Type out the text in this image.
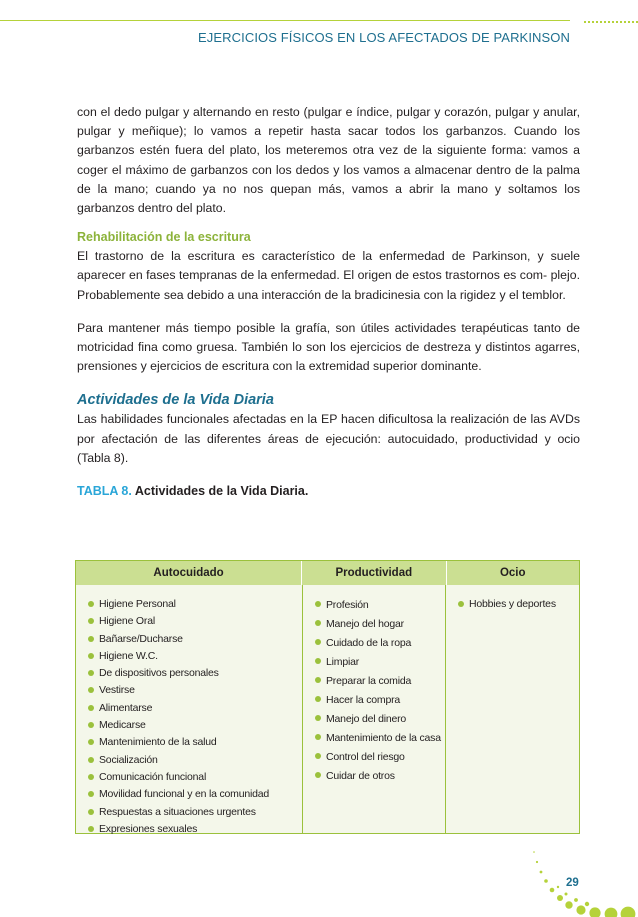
EJERCICIOS FÍSICOS EN LOS AFECTADOS DE PARKINSON

con el dedo pulgar y alternando en resto (pulgar e índice, pulgar y corazón, pulgar y anular, pulgar y meñique); lo vamos a repetir hasta sacar todos los garbanzos. Cuando los garbanzos estén fuera del plato, los meteremos otra vez de la siguiente forma: vamos a coger el máximo de garbanzos con los dedos y los vamos a almacenar dentro de la palma de la mano; cuando ya no nos quepan más, vamos a abrir la mano y soltamos los garbanzos dentro del plato.

Rehabilitación de la escritura

El trastorno de la escritura es característico de la enfermedad de Parkinson, y suele aparecer en fases tempranas de la enfermedad. El origen de estos trastornos es com- plejo. Probablemente sea debido a una interacción de la bradicinesia con la rigidez y el temblor.

Para mantener más tiempo posible la grafía, son útiles actividades terapéuticas tanto de motricidad fina como gruesa. También lo son los ejercicios de destreza y distintos agarres, prensiones y ejercicios de escritura con la extremidad superior dominante.

Actividades de la Vida Diaria

Las habilidades funcionales afectadas en la EP hacen dificultosa la realización de las AVDs por afectación de las diferentes áreas de ejecución: autocuidado, productividad y ocio (Tabla 8).

TABLA 8. Actividades de la Vida Diaria.

Autocuidado	Productividad	Ocio
Higiene Personal
Higiene Oral
Bañarse/Ducharse
Higiene W.C.
De dispositivos personales
Vestirse
Alimentarse
Medicarse
Mantenimiento de la salud
Socialización
Comunicación funcional
Movilidad funcional y en la comunidad
Respuestas a situaciones urgentes
Expresiones sexuales
Profesión
Manejo del hogar
Cuidado de la ropa
Limpiar
Preparar la comida
Hacer la compra
Manejo del dinero
Mantenimiento de la casa
Control del riesgo
Cuidar de otros
Hobbies y deportes
29
